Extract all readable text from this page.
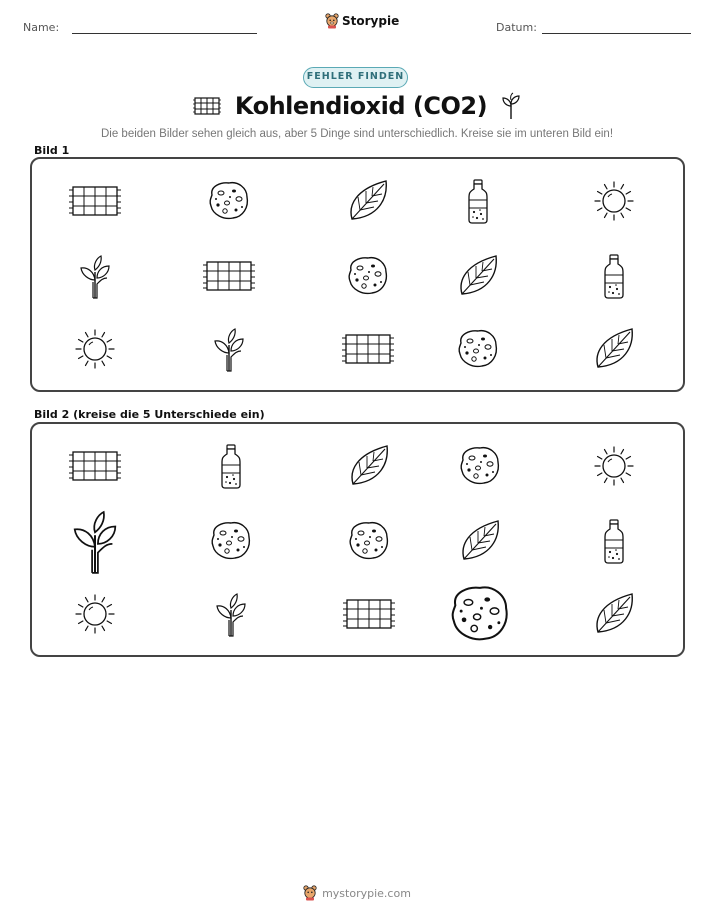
Name:	Storypie	Datum:
FEHLER FINDEN
Kohlendioxid (CO2)
Die beiden Bilder sehen gleich aus, aber 5 Dinge sind unterschiedlich. Kreise sie im unteren Bild ein!
Bild 1
Bild 2 (kreise die 5 Unterschiede ein)
mystorypie.com
